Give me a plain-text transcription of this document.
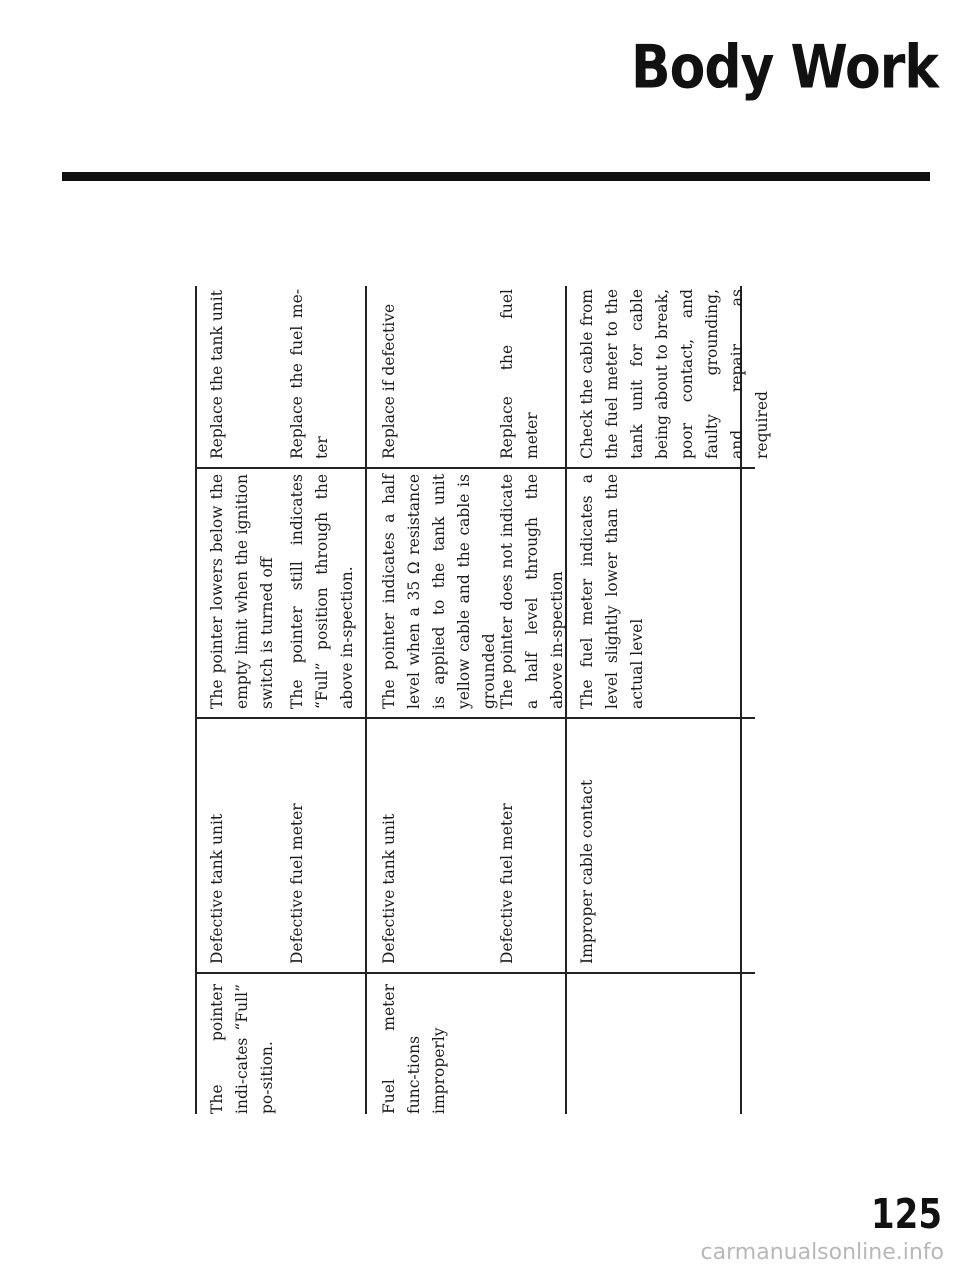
Body Work
The pointer indi-cates “Full” po-sition.
Defective tank unit
The pointer lowers below the empty limit when the ignition switch is turned off
Replace the tank unit
Defective fuel meter
The pointer still indicates “Full” position through the above in-spection.
Replace the fuel me-ter
Fuel meter func-tions improperly
Defective tank unit
The pointer indicates a half level when a 35 Ω resistance is applied to the tank unit yellow cable and the cable is grounded
Replace if defective
Defective fuel meter
The pointer does not indicate a half level through the above in-spection
Replace the fuel meter
Improper cable contact
The fuel meter indicates a level slightly lower than the actual level
Check the cable from the fuel meter to the tank unit for cable being about to break, poor contact, and faulty grounding, and repair as required
125
carmanualsonline.info
